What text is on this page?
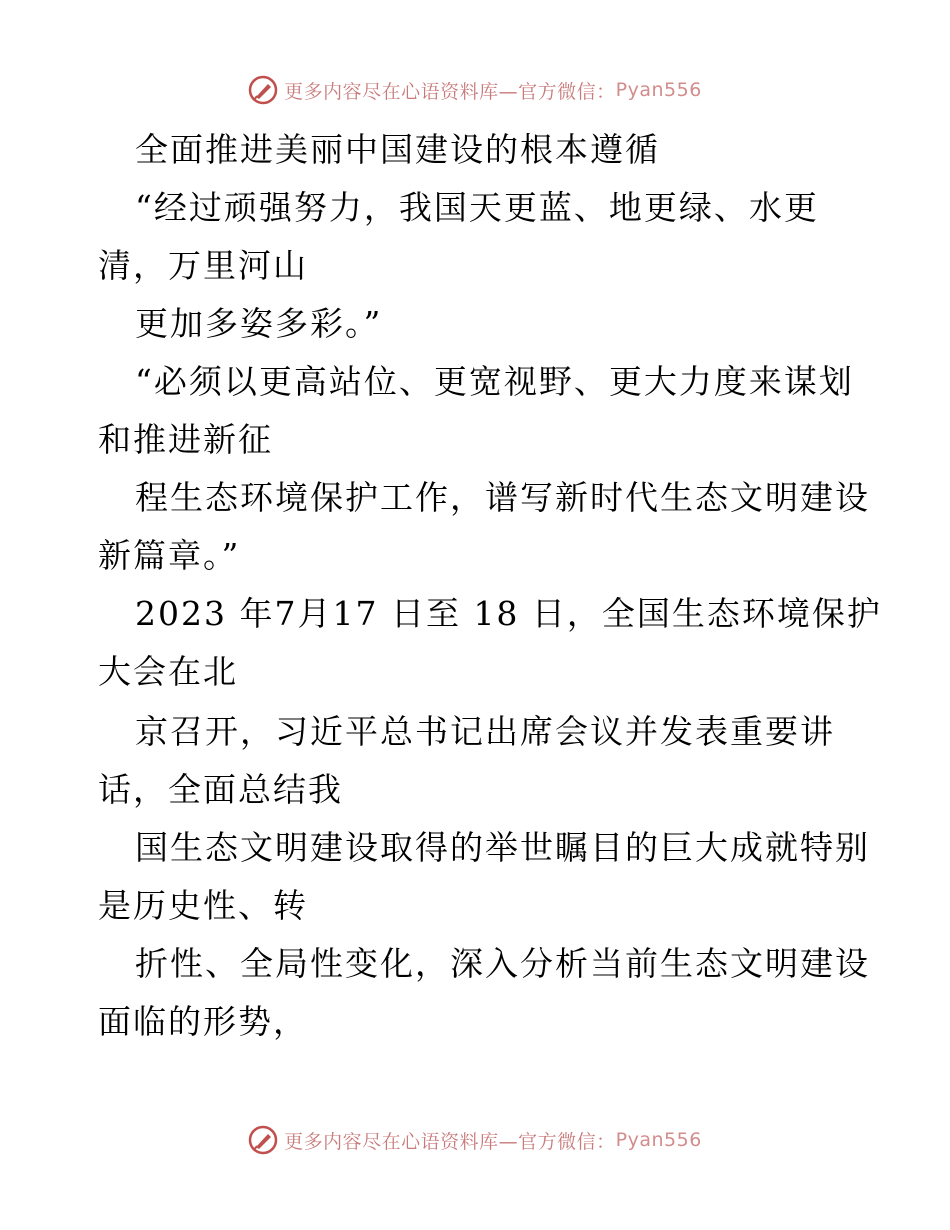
更多内容尽在心语资料库—官方微信： Pyan556
全面推进美丽中国建设的根本遵循
“经过顽强努力，我国天更蓝、地更绿、水更
清，万里河山
更加多姿多彩。”
“必须以更高站位、更宽视野、更大力度来谋划
和推进新征
程生态环境保护工作，谱写新时代生态文明建设
新篇章。”
2023 年7月17 日至 18 日，全国生态环境保护
大会在北
京召开，习近平总书记出席会议并发表重要讲
话，全面总结我
国生态文明建设取得的举世瞩目的巨大成就特别
是历史性、转
折性、全局性变化，深入分析当前生态文明建设
面临的形势，
更多内容尽在心语资料库—官方微信： Pyan556
